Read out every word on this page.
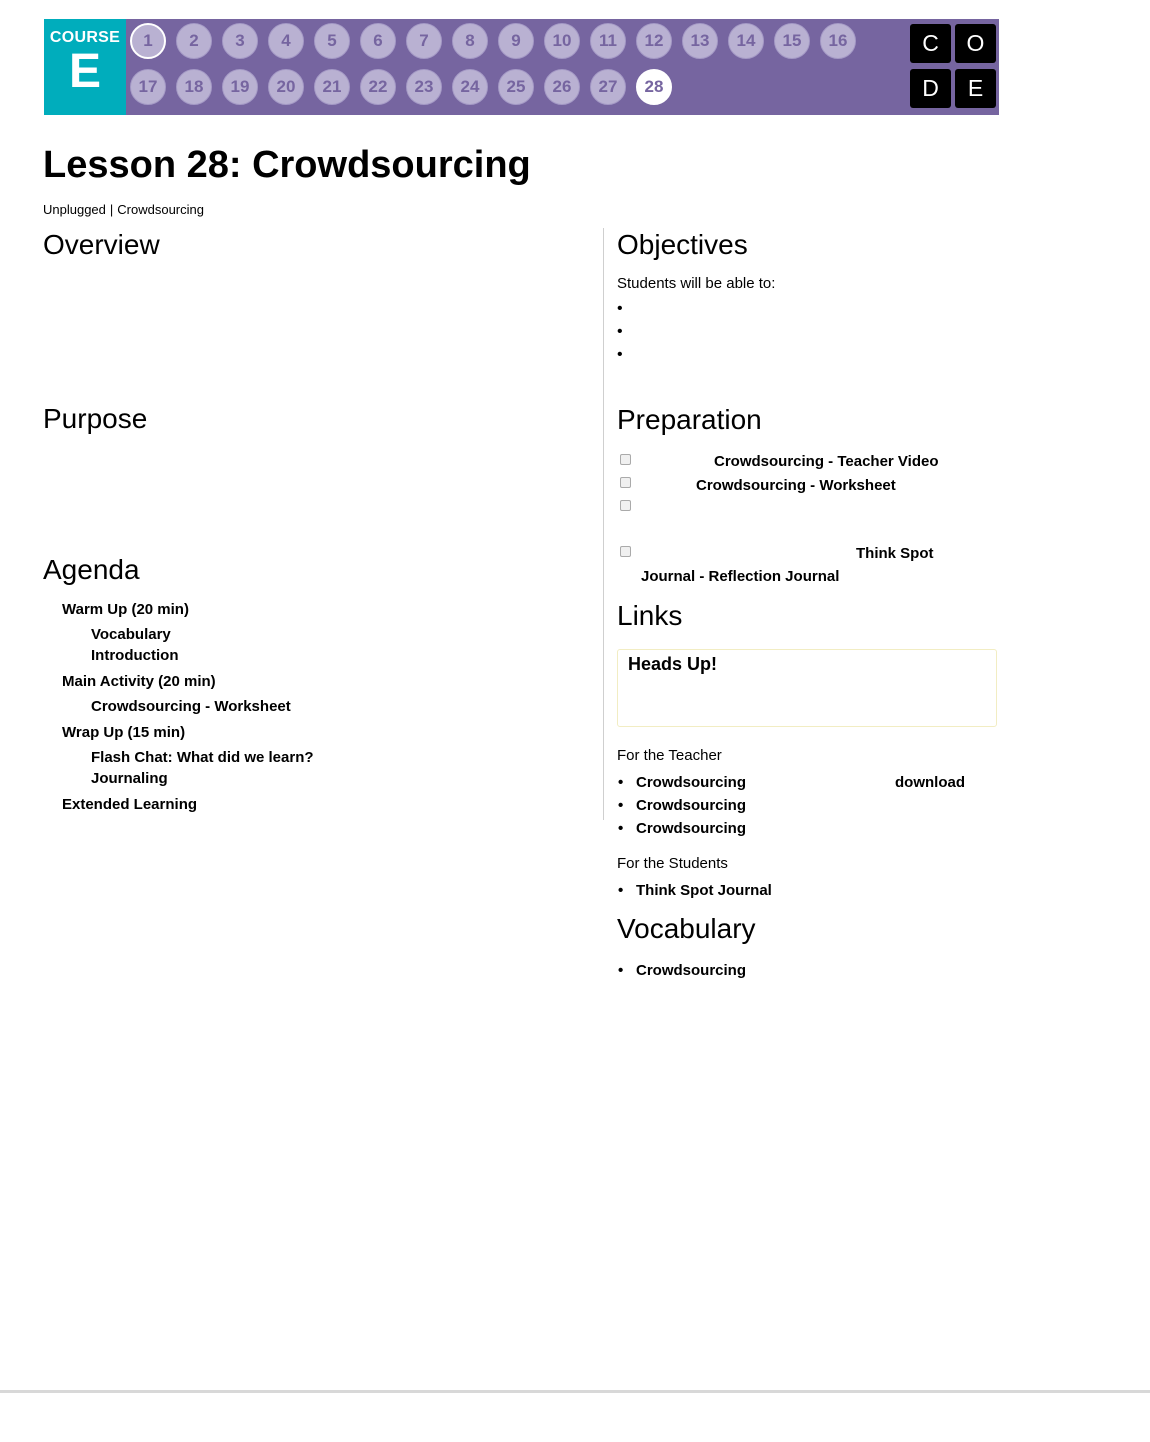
COURSE
E
1	2	3	4	5	6	7	8	9	10	11	12	13	14	15	16
17	18	19	20	21	22	23	24	25	26	27	28
C	O
D	E
Lesson 28: Crowdsourcing
Unplugged | Crowdsourcing
Overview
Purpose
Agenda
Warm Up (20 min)
Vocabulary
Introduction
Main Activity (20 min)
Crowdsourcing - Worksheet
Wrap Up (15 min)
Flash Chat: What did we learn?
Journaling
Extended Learning
Objectives
Students will be able to:
•
•
•
Preparation
Crowdsourcing - Teacher Video
Crowdsourcing - Worksheet
Think Spot
Journal - Reflection Journal
Links
Heads Up!
For the Teacher
• Crowdsourcing	download
• Crowdsourcing
• Crowdsourcing
For the Students
• Think Spot Journal
Vocabulary
• Crowdsourcing
